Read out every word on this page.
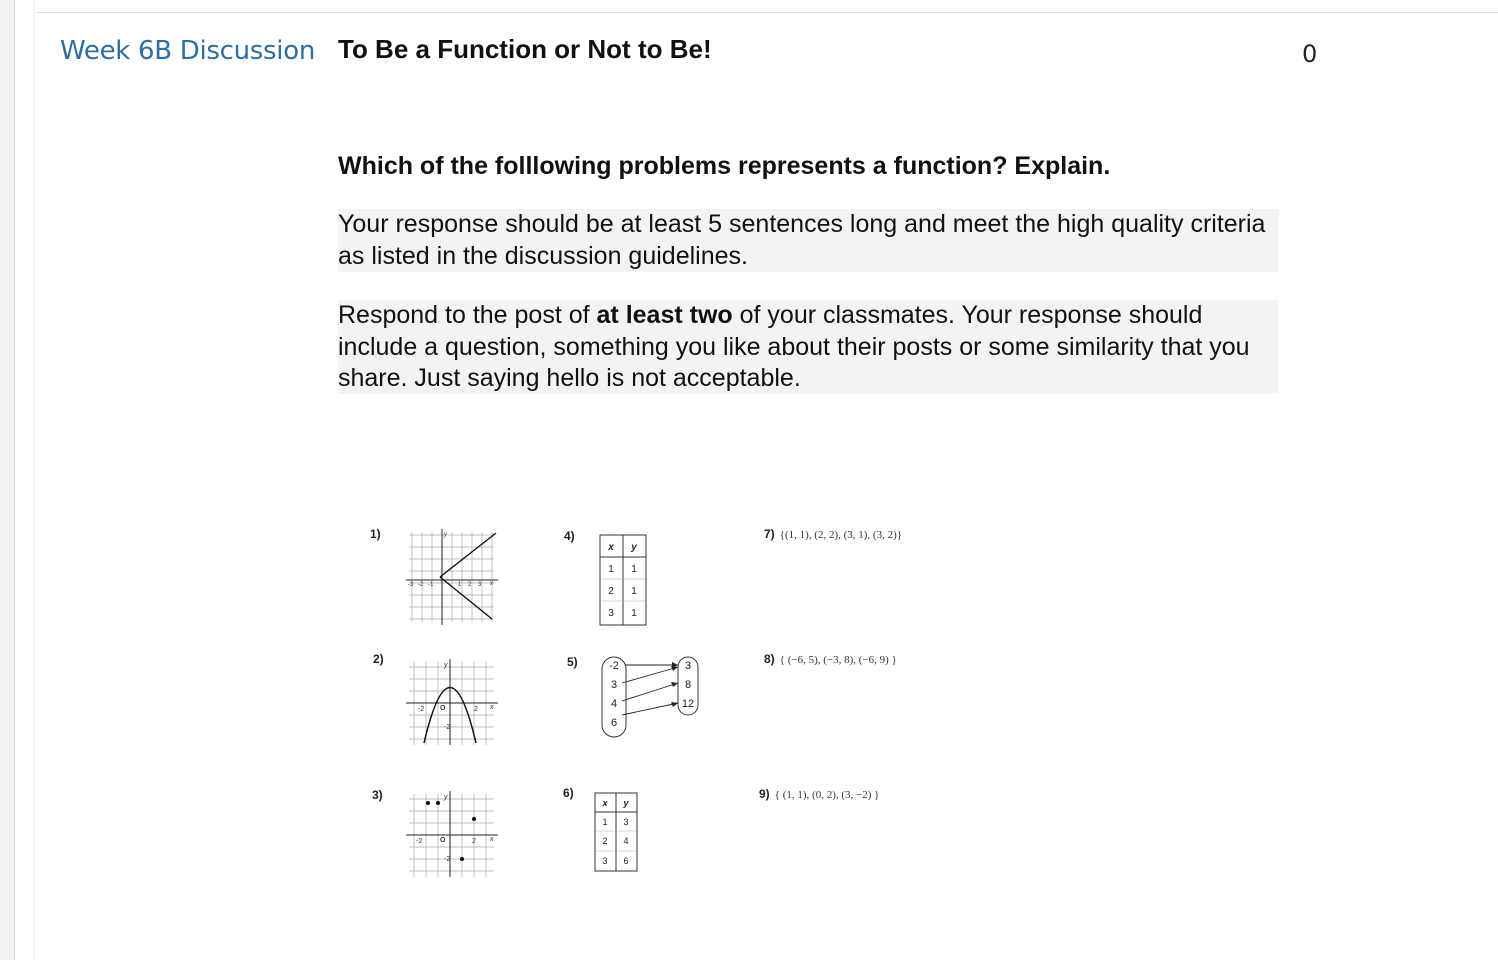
Week 6B Discussion To Be a Function or Not to Be!	0
Which of the folllowing problems represents a function? Explain.
Your response should be at least 5 sentences long and meet the high quality criteria as listed in the discussion guidelines.
Respond to the post of at least two of your classmates. Your response should include a question, something you like about their posts or some similarity that you share. Just saying hello is not acceptable.
1)
2)
3)
4)
5)
6)
7) {(1, 1), (2, 2), (3, 1), (3, 2)}
8) { (−6, 5), (−3, 8), (−6, 9) }
9) { (1, 1), (0, 2), (3, −2) }
-3 -2 -1	1 2 3 x
y
-2 O	2 x
-2
y
-2	O	2 x
-2
y
x y
1 1
2 1
3 1
-2
3
4
6
3
8
12
x y
1 3
2 4
3 6
